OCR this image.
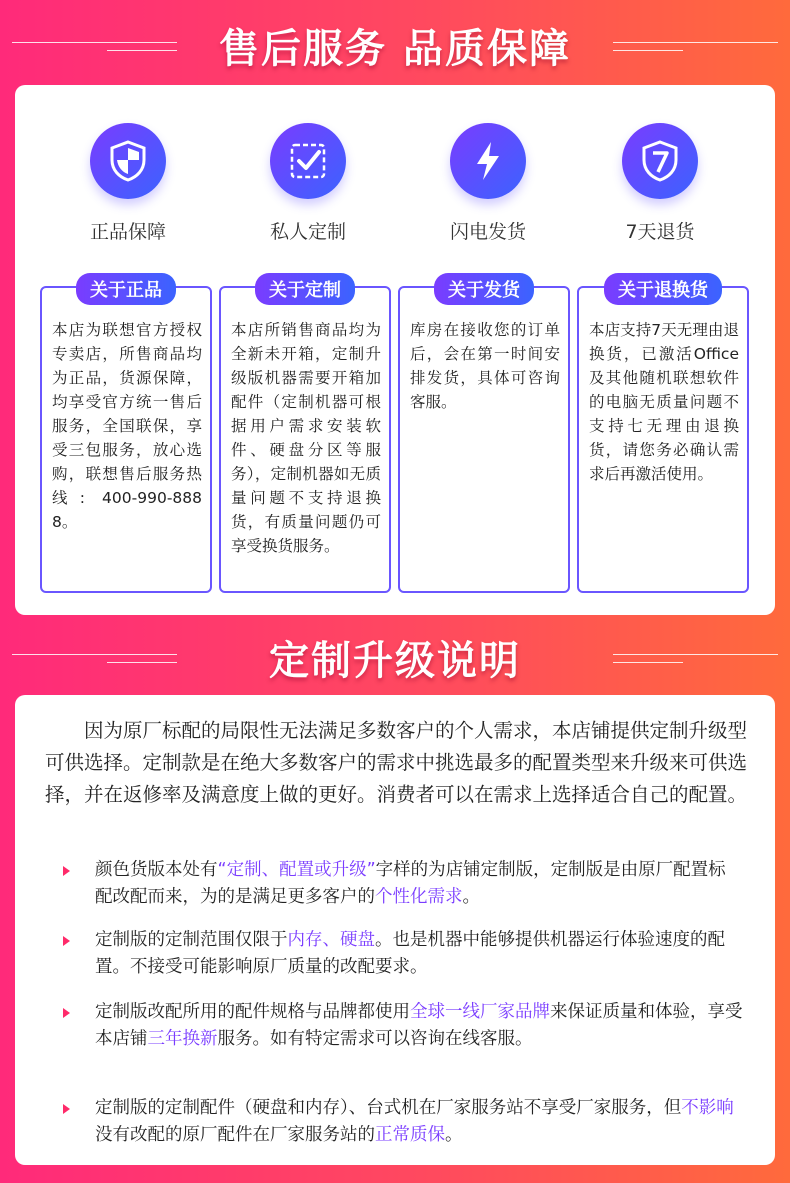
售后服务 品质保障
正品保障	私人定制	闪电发货	7天退货
关于正品
本店为联想官方授权专卖店，所售商品均为正品，货源保障，均享受官方统一售后服务，全国联保，享受三包服务，放心选购，联想售后服务热线: 400-990-8888。
关于定制
本店所销售商品均为全新未开箱，定制升级版机器需要开箱加配件（定制机器可根据用户需求安装软件、硬盘分区等服务），定制机器如无质量问题不支持退换货，有质量问题仍可享受换货服务。
关于发货
库房在接收您的订单后，会在第一时间安排发货，具体可咨询客服。
关于退换货
本店支持7天无理由退换货，已激活Office及其他随机联想软件的电脑无质量问题不支持七无理由退换货，请您务必确认需求后再激活使用。
定制升级说明
因为原厂标配的局限性无法满足多数客户的个人需求，本店铺提供定制升级型可供选择。定制款是在绝大多数客户的需求中挑选最多的配置类型来升级来可供选择，并在返修率及满意度上做的更好。消费者可以在需求上选择适合自己的配置。
颜色货版本处有“定制、配置或升级”字样的为店铺定制版，定制版是由原厂配置标配改配而来，为的是满足更多客户的个性化需求。
定制版的定制范围仅限于内存、硬盘。也是机器中能够提供机器运行体验速度的配置。不接受可能影响原厂质量的改配要求。
定制版改配所用的配件规格与品牌都使用全球一线厂家品牌来保证质量和体验，享受本店铺三年换新服务。如有特定需求可以咨询在线客服。
定制版的定制配件（硬盘和内存）、台式机在厂家服务站不享受厂家服务，但不影响没有改配的原厂配件在厂家服务站的正常质保。
